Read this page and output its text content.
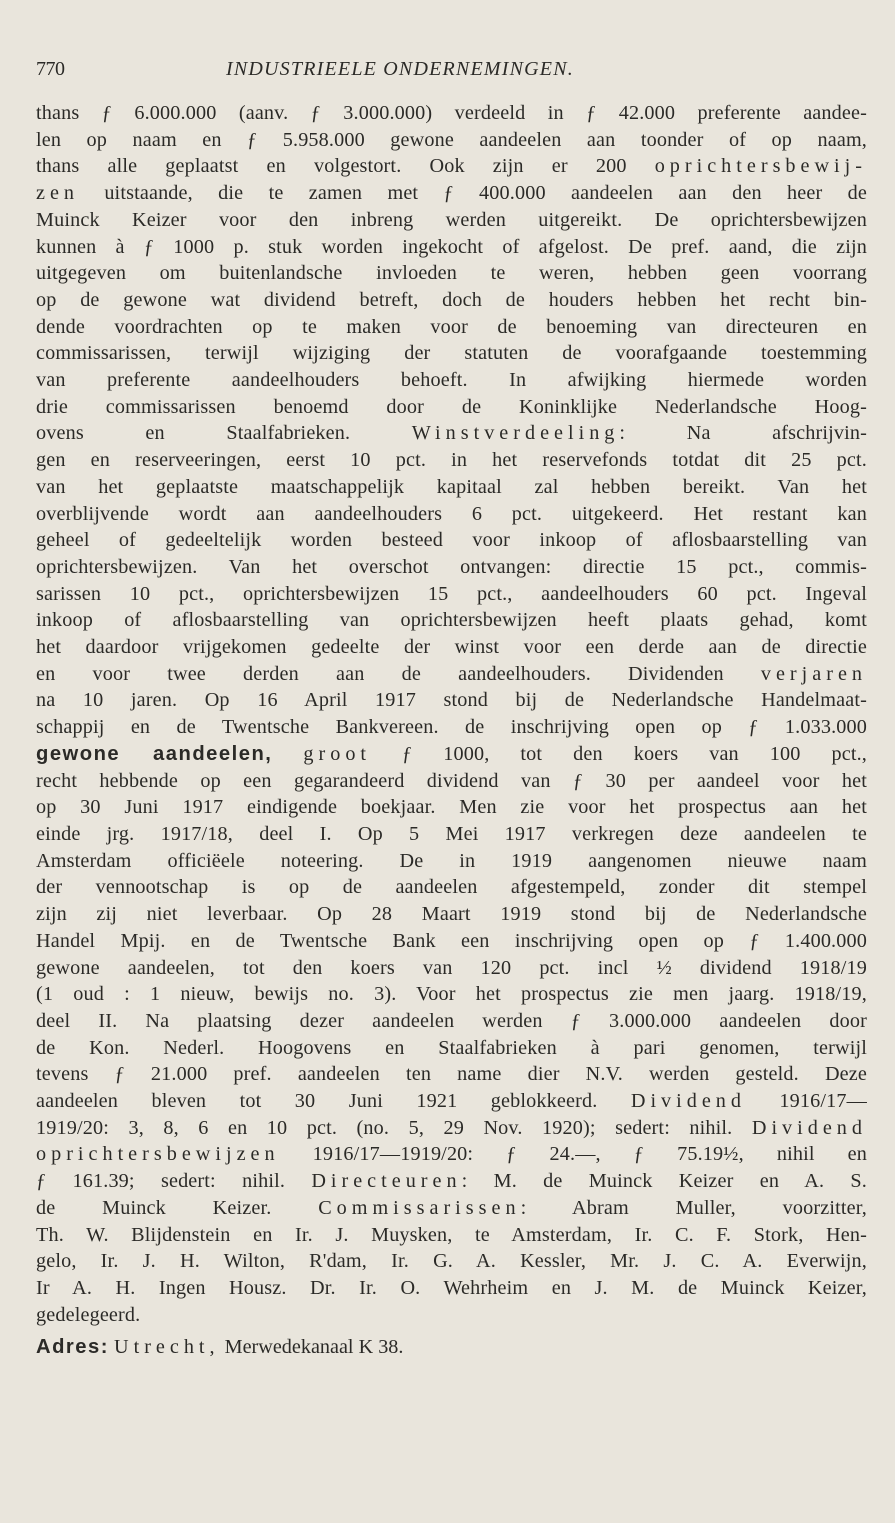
770	INDUSTRIEELE ONDERNEMINGEN.
thans ƒ 6.000.000 (aanv. ƒ 3.000.000) verdeeld in ƒ 42.000 preferente aandee-
len op naam en ƒ 5.958.000 gewone aandeelen aan toonder of op naam,
thans alle geplaatst en volgestort. Ook zijn er 200 oprichtersbewij-
zen uitstaande, die te zamen met ƒ 400.000 aandeelen aan den heer de
Muinck Keizer voor den inbreng werden uitgereikt. De oprichtersbewijzen
kunnen à ƒ 1000 p. stuk worden ingekocht of afgelost. De pref. aand, die zijn
uitgegeven om buitenlandsche invloeden te weren, hebben geen voorrang
op de gewone wat dividend betreft, doch de houders hebben het recht bin-
dende voordrachten op te maken voor de benoeming van directeuren en
commissarissen, terwijl wijziging der statuten de voorafgaande toestemming
van preferente aandeelhouders behoeft. In afwijking hiermede worden
drie commissarissen benoemd door de Koninklijke Nederlandsche Hoog-
ovens en Staalfabrieken. Winstverdeeling: Na afschrijvin-
gen en reserveeringen, eerst 10 pct. in het reservefonds totdat dit 25 pct.
van het geplaatste maatschappelijk kapitaal zal hebben bereikt. Van het
overblijvende wordt aan aandeelhouders 6 pct. uitgekeerd. Het restant kan
geheel of gedeeltelijk worden besteed voor inkoop of aflosbaarstelling van
oprichtersbewijzen. Van het overschot ontvangen: directie 15 pct., commis-
sarissen 10 pct., oprichtersbewijzen 15 pct., aandeelhouders 60 pct. Ingeval
inkoop of aflosbaarstelling van oprichtersbewijzen heeft plaats gehad, komt
het daardoor vrijgekomen gedeelte der winst voor een derde aan de directie
en voor twee derden aan de aandeelhouders. Dividenden verjaren
na 10 jaren. Op 16 April 1917 stond bij de Nederlandsche Handelmaat-
schappij en de Twentsche Bankvereen. de inschrijving open op ƒ 1.033.000
gewone aandeelen, groot ƒ 1000, tot den koers van 100 pct.,
recht hebbende op een gegarandeerd dividend van ƒ 30 per aandeel voor het
op 30 Juni 1917 eindigende boekjaar. Men zie voor het prospectus aan het
einde jrg. 1917/18, deel I. Op 5 Mei 1917 verkregen deze aandeelen te
Amsterdam officiëele noteering. De in 1919 aangenomen nieuwe naam
der vennootschap is op de aandeelen afgestempeld, zonder dit stempel
zijn zij niet leverbaar. Op 28 Maart 1919 stond bij de Nederlandsche
Handel Mpij. en de Twentsche Bank een inschrijving open op ƒ 1.400.000
gewone aandeelen, tot den koers van 120 pct. incl ½ dividend 1918/19
(1 oud : 1 nieuw, bewijs no. 3). Voor het prospectus zie men jaarg. 1918/19,
deel II. Na plaatsing dezer aandeelen werden ƒ 3.000.000 aandeelen door
de Kon. Nederl. Hoogovens en Staalfabrieken à pari genomen, terwijl
tevens ƒ 21.000 pref. aandeelen ten name dier N.V. werden gesteld. Deze
aandeelen bleven tot 30 Juni 1921 geblokkeerd. Dividend 1916/17—
1919/20: 3, 8, 6 en 10 pct. (no. 5, 29 Nov. 1920); sedert: nihil. Dividend
oprichtersbewijzen 1916/17—1919/20: ƒ 24.—, ƒ 75.19½, nihil en
ƒ 161.39; sedert: nihil. Directeuren: M. de Muinck Keizer en A. S.
de Muinck Keizer. Commissarissen: Abram Muller, voorzitter,
Th. W. Blijdenstein en Ir. J. Muysken, te Amsterdam, Ir. C. F. Stork, Hen-
gelo, Ir. J. H. Wilton, R'dam, Ir. G. A. Kessler, Mr. J. C. A. Everwijn,
Ir A. H. Ingen Housz. Dr. Ir. O. Wehrheim en J. M. de Muinck Keizer,
gedelegeerd.
Adres: Utrecht, Merwedekanaal K 38.
